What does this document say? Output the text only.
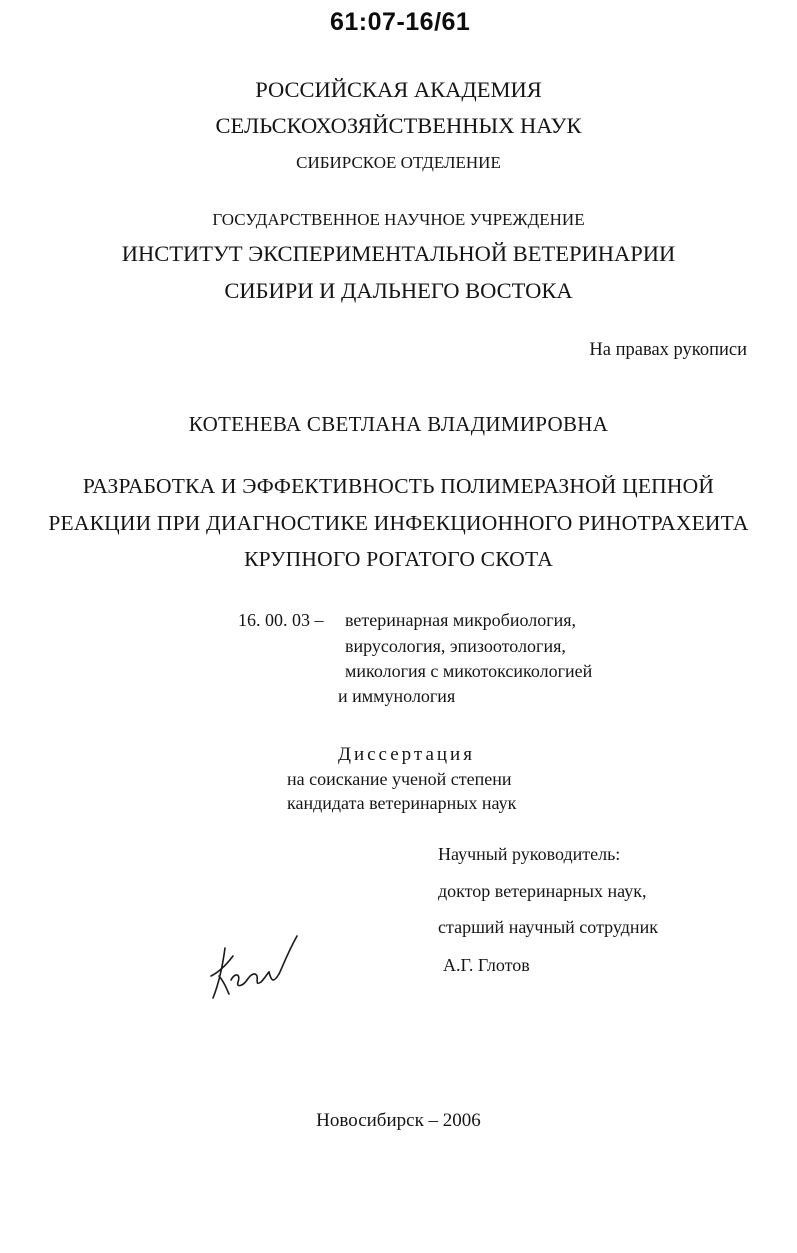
61:07-16/61
РОССИЙСКАЯ АКАДЕМИЯ
СЕЛЬСКОХОЗЯЙСТВЕННЫХ НАУК
СИБИРСКОЕ ОТДЕЛЕНИЕ
ГОСУДАРСТВЕННОЕ НАУЧНОЕ УЧРЕЖДЕНИЕ
ИНСТИТУТ ЭКСПЕРИМЕНТАЛЬНОЙ ВЕТЕРИНАРИИ
СИБИРИ И ДАЛЬНЕГО ВОСТОКА
На правах рукописи
КОТЕНЕВА СВЕТЛАНА ВЛАДИМИРОВНА
РАЗРАБОТКА И ЭФФЕКТИВНОСТЬ ПОЛИМЕРАЗНОЙ ЦЕПНОЙ
РЕАКЦИИ ПРИ ДИАГНОСТИКЕ ИНФЕКЦИОННОГО РИНОТРАХЕИТА
КРУПНОГО РОГАТОГО СКОТА
16. 00. 03 – ветеринарная микробиология,
вирусология, эпизоотология,
микология с микотоксикологией
и иммунология
Диссертация
на соискание ученой степени
кандидата ветеринарных наук
Научный руководитель:
доктор ветеринарных наук,
старший научный сотрудник
А.Г. Глотов
Новосибирск – 2006
